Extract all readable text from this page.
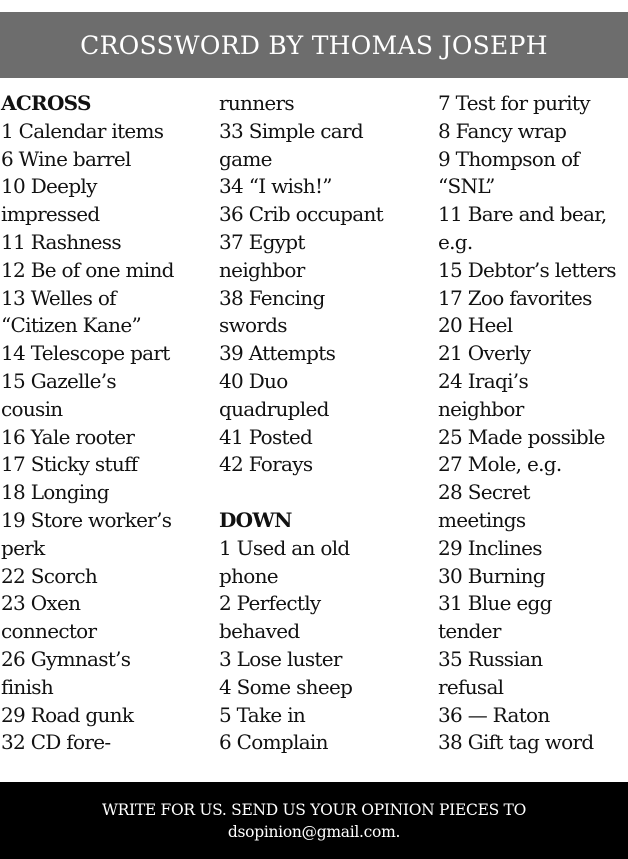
CROSSWORD BY THOMAS JOSEPH
ACROSS
1 Calendar items
6 Wine barrel
10 Deeply
impressed
11 Rashness
12 Be of one mind
13 Welles of
“Citizen Kane”
14 Telescope part
15 Gazelle’s
cousin
16 Yale rooter
17 Sticky stuff
18 Longing
19 Store worker’s
perk
22 Scorch
23 Oxen
connector
26 Gymnast’s
finish
29 Road gunk
32 CD fore-
runners
33 Simple card
game
34 “I wish!”
36 Crib occupant
37 Egypt
neighbor
38 Fencing
swords
39 Attempts
40 Duo
quadrupled
41 Posted
42 Forays
DOWN
1 Used an old
phone
2 Perfectly
behaved
3 Lose luster
4 Some sheep
5 Take in
6 Complain
7 Test for purity
8 Fancy wrap
9 Thompson of
“SNL”
11 Bare and bear,
e.g.
15 Debtor’s letters
17 Zoo favorites
20 Heel
21 Overly
24 Iraqi’s
neighbor
25 Made possible
27 Mole, e.g.
28 Secret
meetings
29 Inclines
30 Burning
31 Blue egg
tender
35 Russian
refusal
36 — Raton
38 Gift tag word
WRITE FOR US. SEND US YOUR OPINION PIECES TO
dsopinion@gmail.com.
